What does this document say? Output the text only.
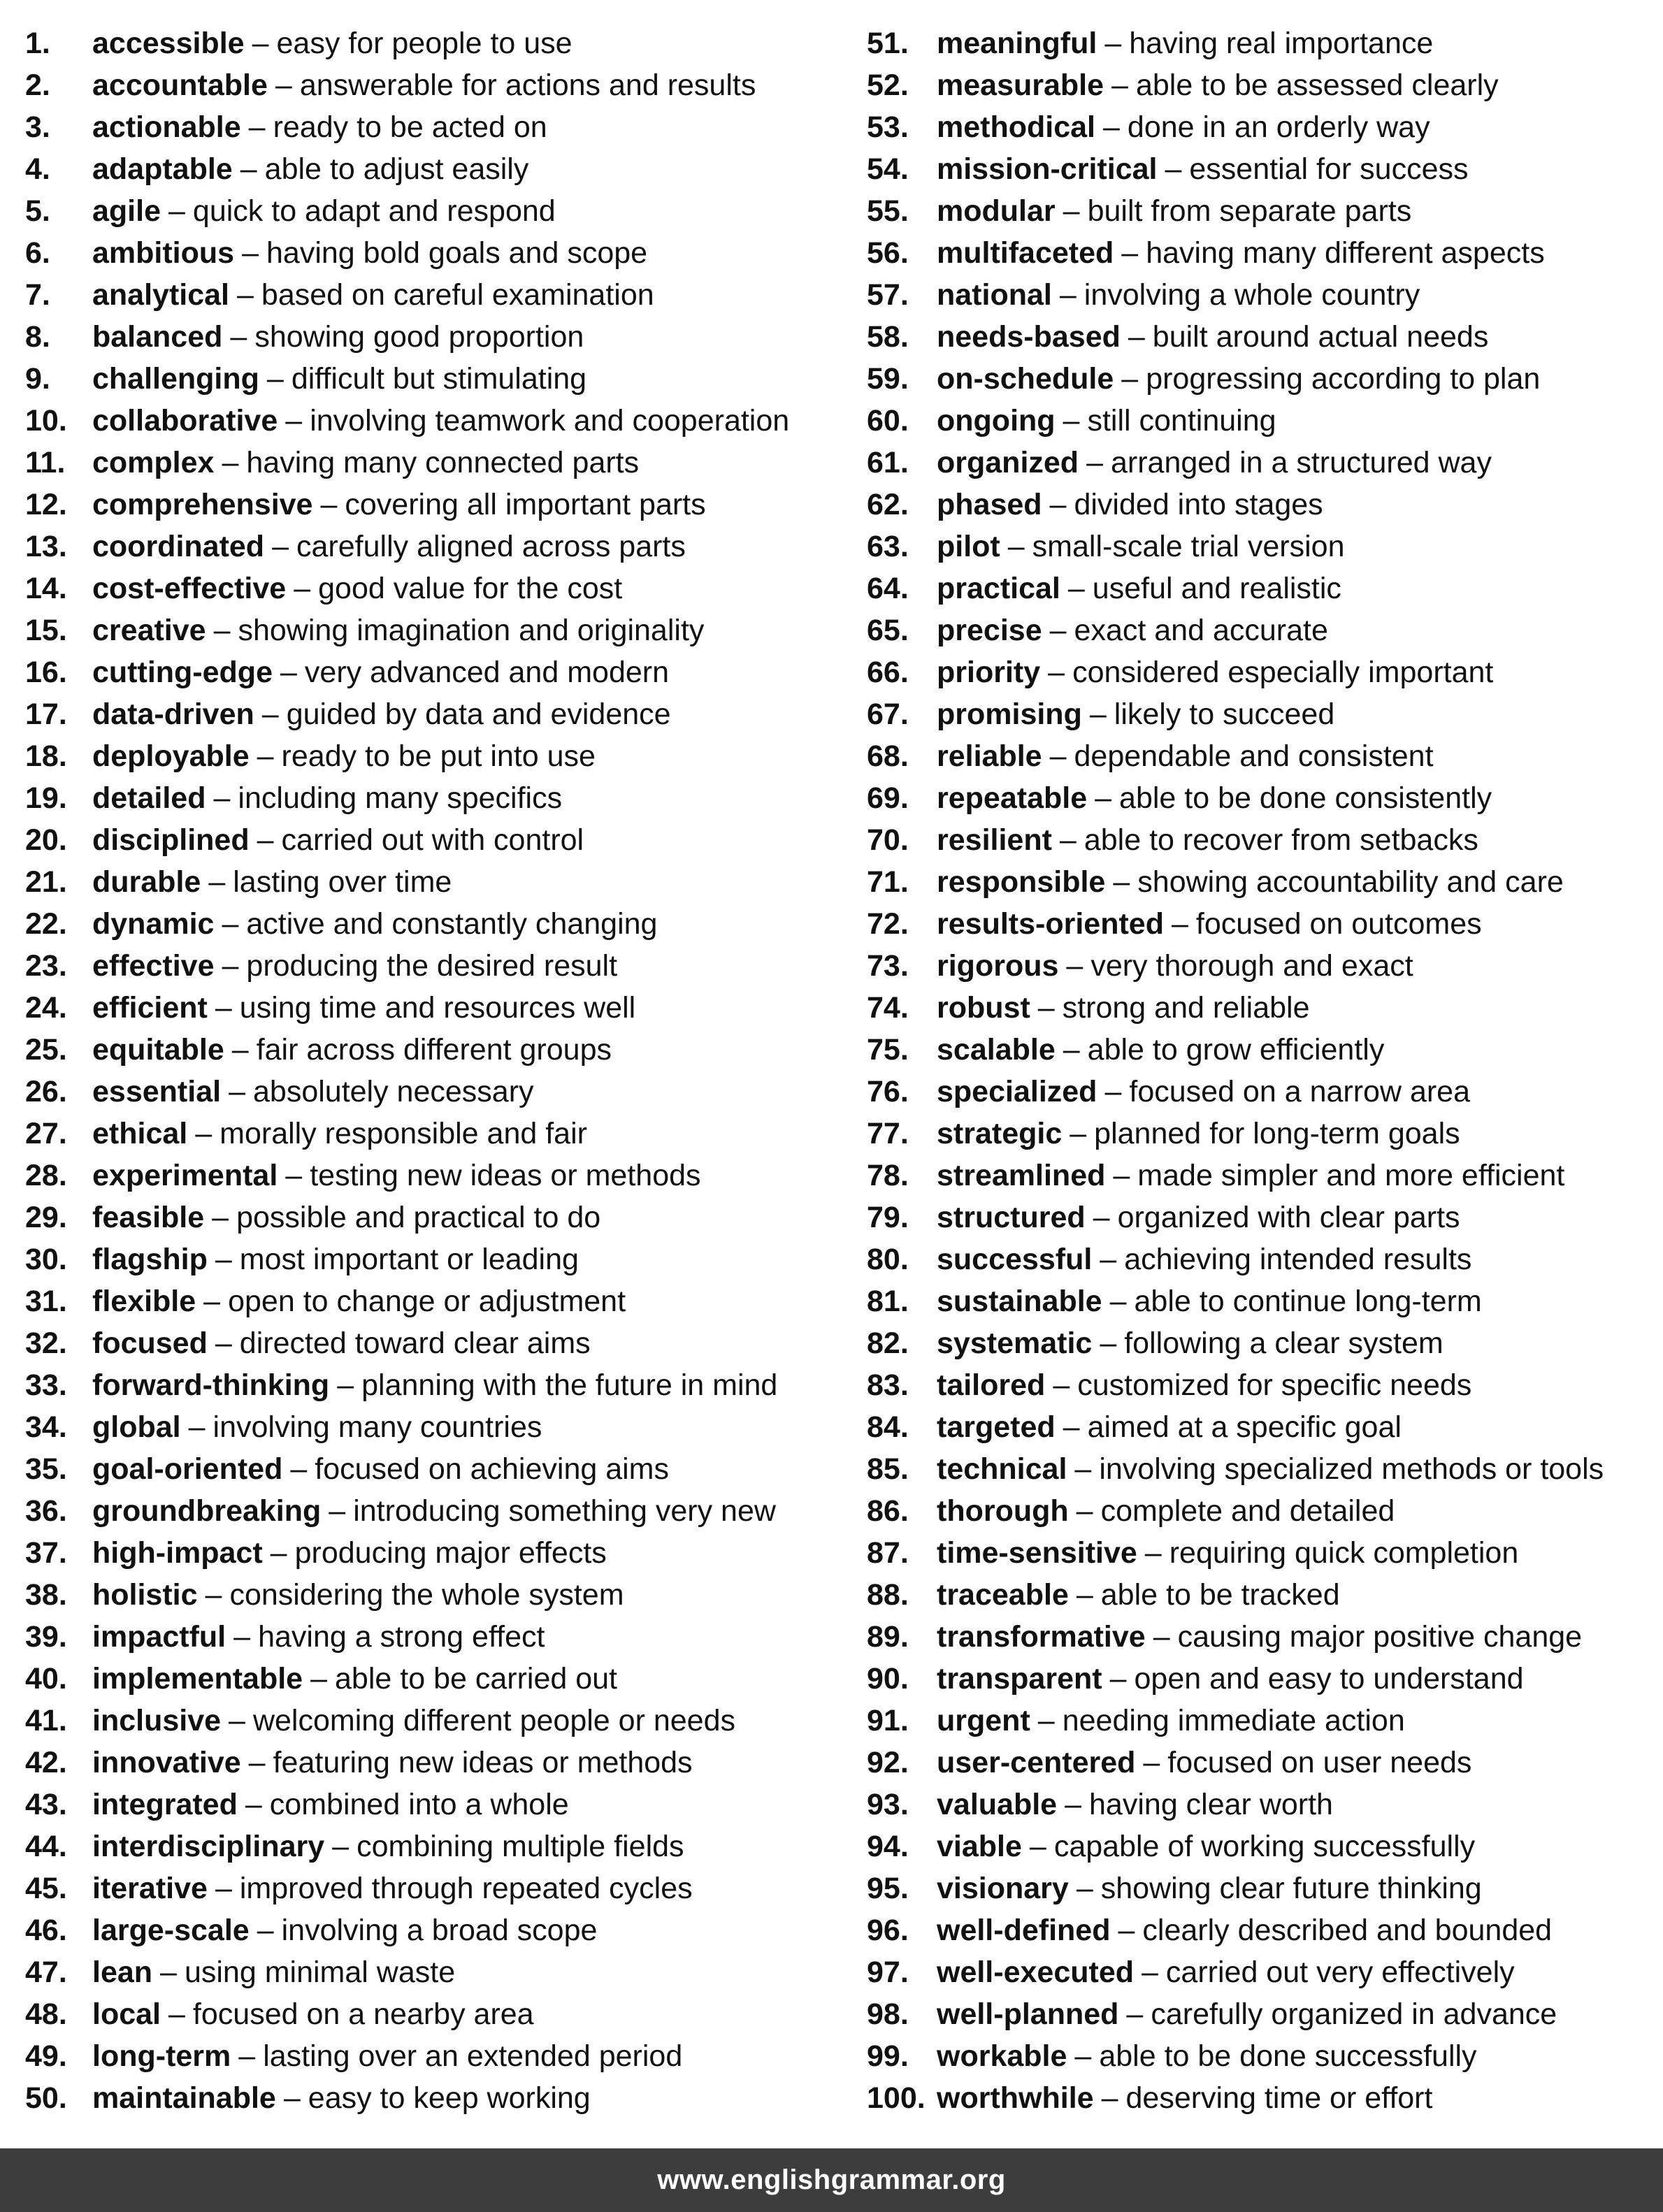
1.	accessible – easy for people to use
2.	accountable – answerable for actions and results
3.	actionable – ready to be acted on
4.	adaptable – able to adjust easily
5.	agile – quick to adapt and respond
6.	ambitious – having bold goals and scope
7.	analytical – based on careful examination
8.	balanced – showing good proportion
9.	challenging – difficult but stimulating
10. collaborative – involving teamwork and cooperation
11. complex – having many connected parts
12. comprehensive – covering all important parts
13. coordinated – carefully aligned across parts
14. cost-effective – good value for the cost
15. creative – showing imagination and originality
16. cutting-edge – very advanced and modern
17. data-driven – guided by data and evidence
18. deployable – ready to be put into use
19. detailed – including many specifics
20. disciplined – carried out with control
21. durable – lasting over time
22. dynamic – active and constantly changing
23. effective – producing the desired result
24. efficient – using time and resources well
25. equitable – fair across different groups
26. essential – absolutely necessary
27. ethical – morally responsible and fair
28. experimental – testing new ideas or methods
29. feasible – possible and practical to do
30. flagship – most important or leading
31. flexible – open to change or adjustment
32. focused – directed toward clear aims
33. forward-thinking – planning with the future in mind
34. global – involving many countries
35. goal-oriented – focused on achieving aims
36. groundbreaking – introducing something very new
37. high-impact – producing major effects
38. holistic – considering the whole system
39. impactful – having a strong effect
40. implementable – able to be carried out
41. inclusive – welcoming different people or needs
42. innovative – featuring new ideas or methods
43. integrated – combined into a whole
44. interdisciplinary – combining multiple fields
45. iterative – improved through repeated cycles
46. large-scale – involving a broad scope
47. lean – using minimal waste
48. local – focused on a nearby area
49. long-term – lasting over an extended period
50. maintainable – easy to keep working
51. meaningful – having real importance
52. measurable – able to be assessed clearly
53. methodical – done in an orderly way
54. mission-critical – essential for success
55. modular – built from separate parts
56. multifaceted – having many different aspects
57. national – involving a whole country
58. needs-based – built around actual needs
59. on-schedule – progressing according to plan
60. ongoing – still continuing
61. organized – arranged in a structured way
62. phased – divided into stages
63. pilot – small-scale trial version
64. practical – useful and realistic
65. precise – exact and accurate
66. priority – considered especially important
67. promising – likely to succeed
68. reliable – dependable and consistent
69. repeatable – able to be done consistently
70. resilient – able to recover from setbacks
71. responsible – showing accountability and care
72. results-oriented – focused on outcomes
73. rigorous – very thorough and exact
74. robust – strong and reliable
75. scalable – able to grow efficiently
76. specialized – focused on a narrow area
77. strategic – planned for long-term goals
78. streamlined – made simpler and more efficient
79. structured – organized with clear parts
80. successful – achieving intended results
81. sustainable – able to continue long-term
82. systematic – following a clear system
83. tailored – customized for specific needs
84. targeted – aimed at a specific goal
85. technical – involving specialized methods or tools
86. thorough – complete and detailed
87. time-sensitive – requiring quick completion
88. traceable – able to be tracked
89. transformative – causing major positive change
90. transparent – open and easy to understand
91. urgent – needing immediate action
92. user-centered – focused on user needs
93. valuable – having clear worth
94. viable – capable of working successfully
95. visionary – showing clear future thinking
96. well-defined – clearly described and bounded
97. well-executed – carried out very effectively
98. well-planned – carefully organized in advance
99. workable – able to be done successfully
100. worthwhile – deserving time or effort
www.englishgrammar.org
